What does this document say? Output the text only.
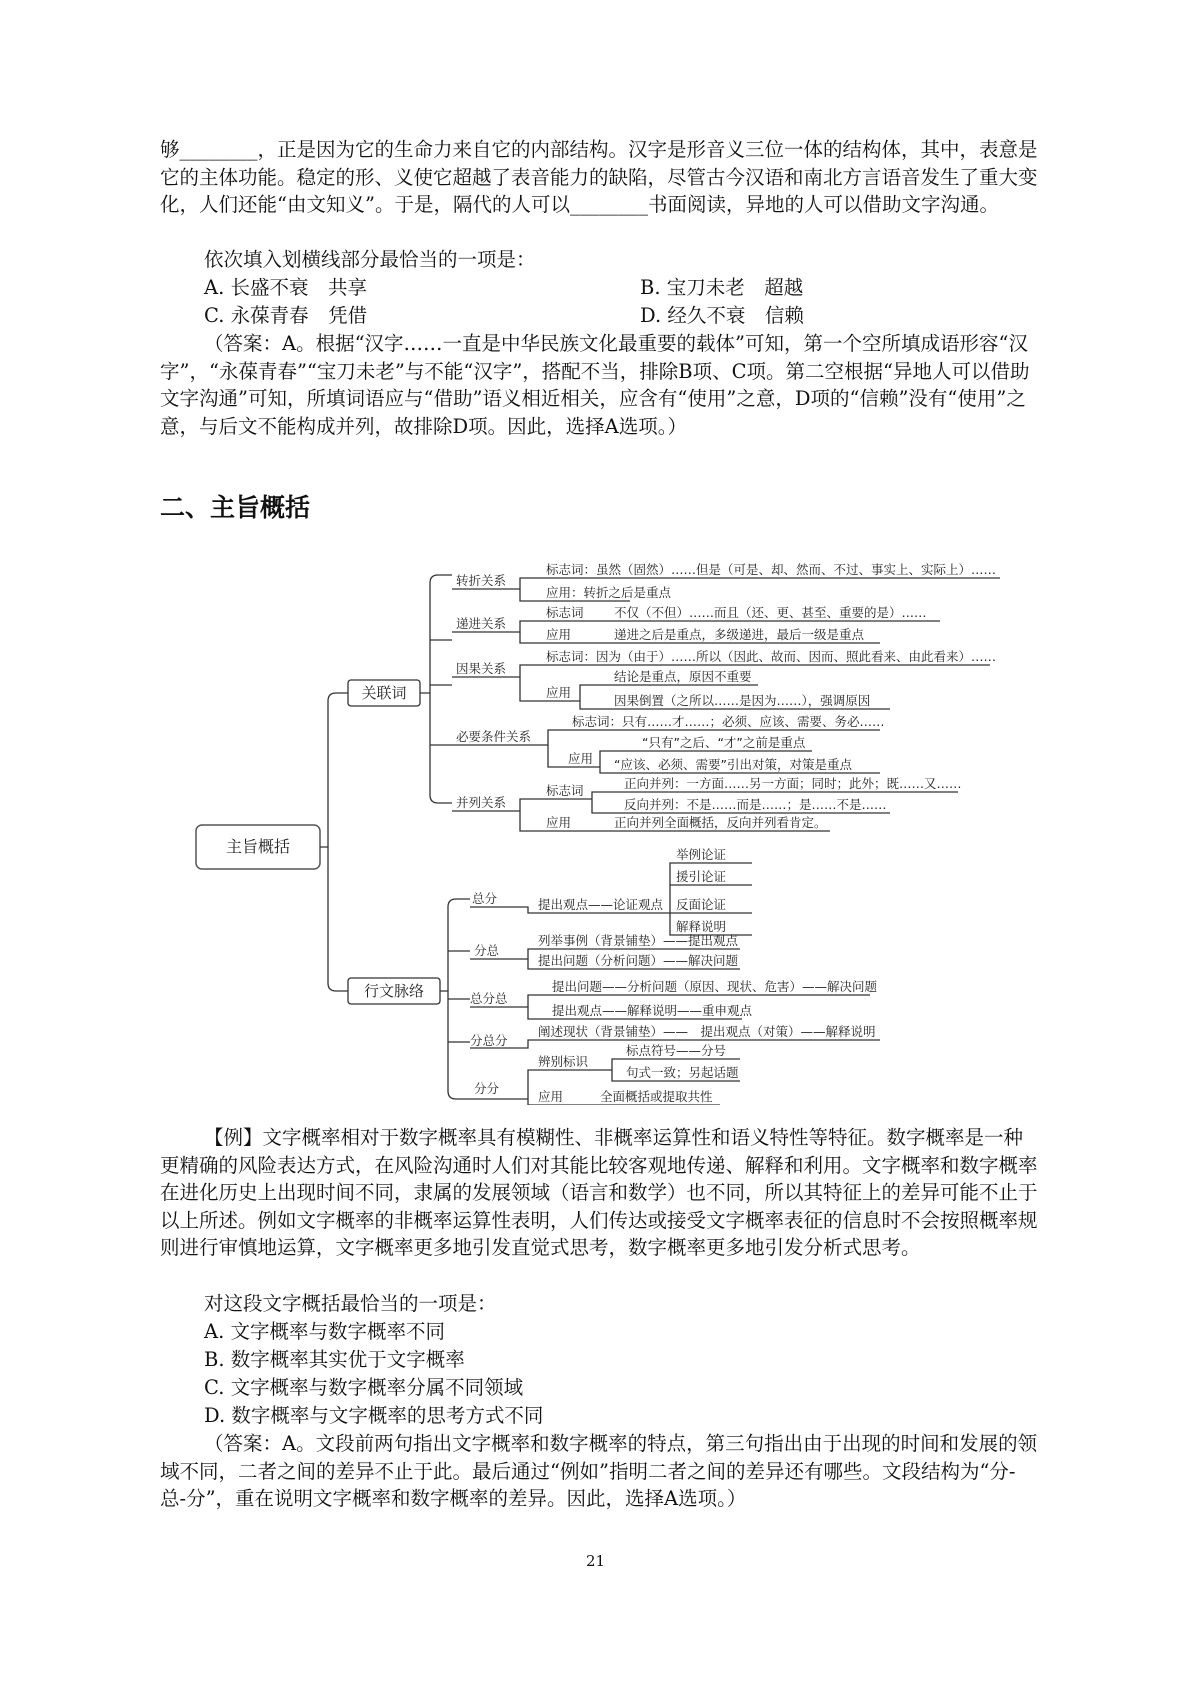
够________，正是因为它的生命力来自它的内部结构。汉字是形音义三位一体的结构体，其中，表意是它的主体功能。稳定的形、义使它超越了表音能力的缺陷，尽管古今汉语和南北方言语音发生了重大变化，人们还能“由文知义”。于是，隔代的人可以________书面阅读，异地的人可以借助文字沟通。
依次填入划横线部分最恰当的一项是：
A. 长盛不衰　共享	B. 宝刀未老　超越
C. 永葆青春　凭借	D. 经久不衰　信赖
（答案：A。根据“汉字……一直是中华民族文化最重要的载体”可知，第一个空所填成语形容“汉字”，“永葆青春”“宝刀未老”与不能“汉字”，搭配不当，排除B项、C项。第二空根据“异地人可以借助文字沟通”可知，所填词语应与“借助”语义相近相关，应含有“使用”之意，D项的“信赖”没有“使用”之意，与后文不能构成并列，故排除D项。因此，选择A选项。）
二、主旨概括
主旨概括
关联词
行文脉络
转折关系
标志词：虽然（固然）……但是（可是、却、然而、不过、事实上、实际上）……
应用：转折之后是重点
递进关系
标志词 不仅（不但）……而且（还、更、甚至、重要的是）……
应用	递进之后是重点，多级递进，最后一级是重点
因果关系
标志词：因为（由于）……所以（因此、故而、因而、照此看来、由此看来）……
应用
结论是重点，原因不重要
因果倒置（之所以……是因为……），强调原因
必要条件关系
标志词：只有……才……；必须、应该、需要、务必……
应用
“只有”之后、“才”之前是重点
“应该、必须、需要”引出对策，对策是重点
并列关系
标志词	正向并列：一方面……另一方面；同时；此外；既……又……
反向并列：不是……而是……；是……不是……
应用	正向并列全面概括，反向并列看肯定。
总分	提出观点——论证观点
举例论证
援引论证
反面论证
解释说明
分总
列举事例（背景铺垫）——提出观点
提出问题（分析问题）——解决问题
总分总
提出问题——分析问题（原因、现状、危害）——解决问题
提出观点——解释说明——重申观点
分总分
阐述现状（背景铺垫）——　提出观点（对策）——解释说明
分分
辨别标识
标点符号——分号
句式一致；另起话题
应用	全面概括或提取共性
【例】文字概率相对于数字概率具有模糊性、非概率运算性和语义特性等特征。数字概率是一种更精确的风险表达方式，在风险沟通时人们对其能比较客观地传递、解释和利用。文字概率和数字概率在进化历史上出现时间不同，隶属的发展领域（语言和数学）也不同，所以其特征上的差异可能不止于以上所述。例如文字概率的非概率运算性表明，人们传达或接受文字概率表征的信息时不会按照概率规则进行审慎地运算，文字概率更多地引发直觉式思考，数字概率更多地引发分析式思考。
对这段文字概括最恰当的一项是：
A. 文字概率与数字概率不同
B. 数字概率其实优于文字概率
C. 文字概率与数字概率分属不同领域
D. 数字概率与文字概率的思考方式不同
（答案：A。文段前两句指出文字概率和数字概率的特点，第三句指出由于出现的时间和发展的领域不同，二者之间的差异不止于此。最后通过“例如”指明二者之间的差异还有哪些。文段结构为“分-总-分”，重在说明文字概率和数字概率的差异。因此，选择A选项。）
21
